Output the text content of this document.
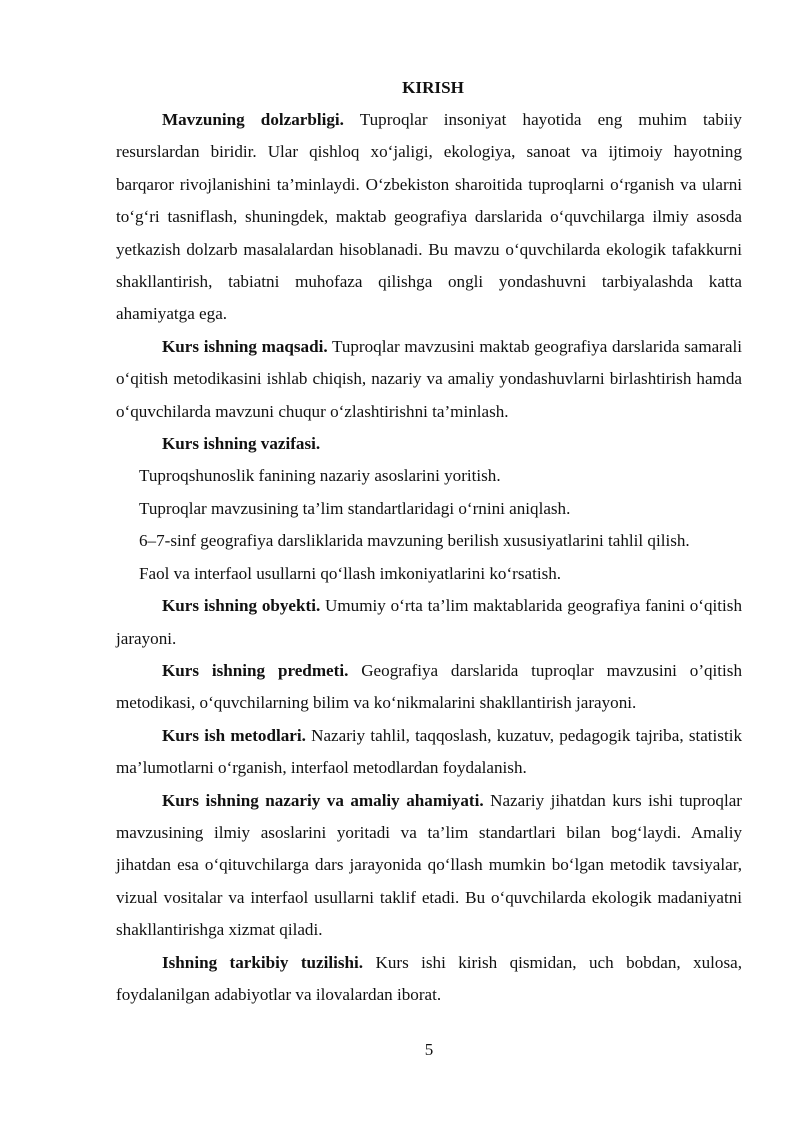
KIRISH

Mavzuning dolzarbligi. Tuproqlar insoniyat hayotida eng muhim tabiiy resurslardan biridir. Ular qishloq xo‘jaligi, ekologiya, sanoat va ijtimoiy hayotning barqaror rivojlanishini ta’minlaydi. O‘zbekiston sharoitida tuproqlarni o‘rganish va ularni to‘g‘ri tasniflash, shuningdek, maktab geografiya darslarida o‘quvchilarga ilmiy asosda yetkazish dolzarb masalalardan hisoblanadi. Bu mavzu o‘quvchilarda ekologik tafakkurni shakllantirish, tabiatni muhofaza qilishga ongli yondashuvni tarbiyalashda katta ahamiyatga ega.

Kurs ishning maqsadi. Tuproqlar mavzusini maktab geografiya darslarida samarali o‘qitish metodikasini ishlab chiqish, nazariy va amaliy yondashuvlarni birlashtirish hamda o‘quvchilarda mavzuni chuqur o‘zlashtirishni ta’minlash.

Kurs ishning vazifasi.

Tuproqshunoslik fanining nazariy asoslarini yoritish.

Tuproqlar mavzusining ta’lim standartlaridagi o‘rnini aniqlash.

6–7-sinf geografiya darsliklarida mavzuning berilish xususiyatlarini tahlil qilish.

Faol va interfaol usullarni qo‘llash imkoniyatlarini ko‘rsatish.

Kurs ishning obyekti. Umumiy o‘rta ta’lim maktablarida geografiya fanini o‘qitish jarayoni.

Kurs ishning predmeti. Geografiya darslarida tuproqlar mavzusini o’qitish metodikasi, o‘quvchilarning bilim va ko‘nikmalarini shakllantirish jarayoni.

Kurs ish metodlari. Nazariy tahlil, taqqoslash, kuzatuv, pedagogik tajriba, statistik ma’lumotlarni o‘rganish, interfaol metodlardan foydalanish.

Kurs ishning nazariy va amaliy ahamiyati. Nazariy jihatdan kurs ishi tuproqlar mavzusining ilmiy asoslarini yoritadi va ta’lim standartlari bilan bog‘laydi. Amaliy jihatdan esa o‘qituvchilarga dars jarayonida qo‘llash mumkin bo‘lgan metodik tavsiyalar, vizual vositalar va interfaol usullarni taklif etadi. Bu o‘quvchilarda ekologik madaniyatni shakllantirishga xizmat qiladi.

Ishning tarkibiy tuzilishi. Kurs ishi kirish qismidan, uch bobdan, xulosa, foydalanilgan adabiyotlar va ilovalardan iborat.

5
